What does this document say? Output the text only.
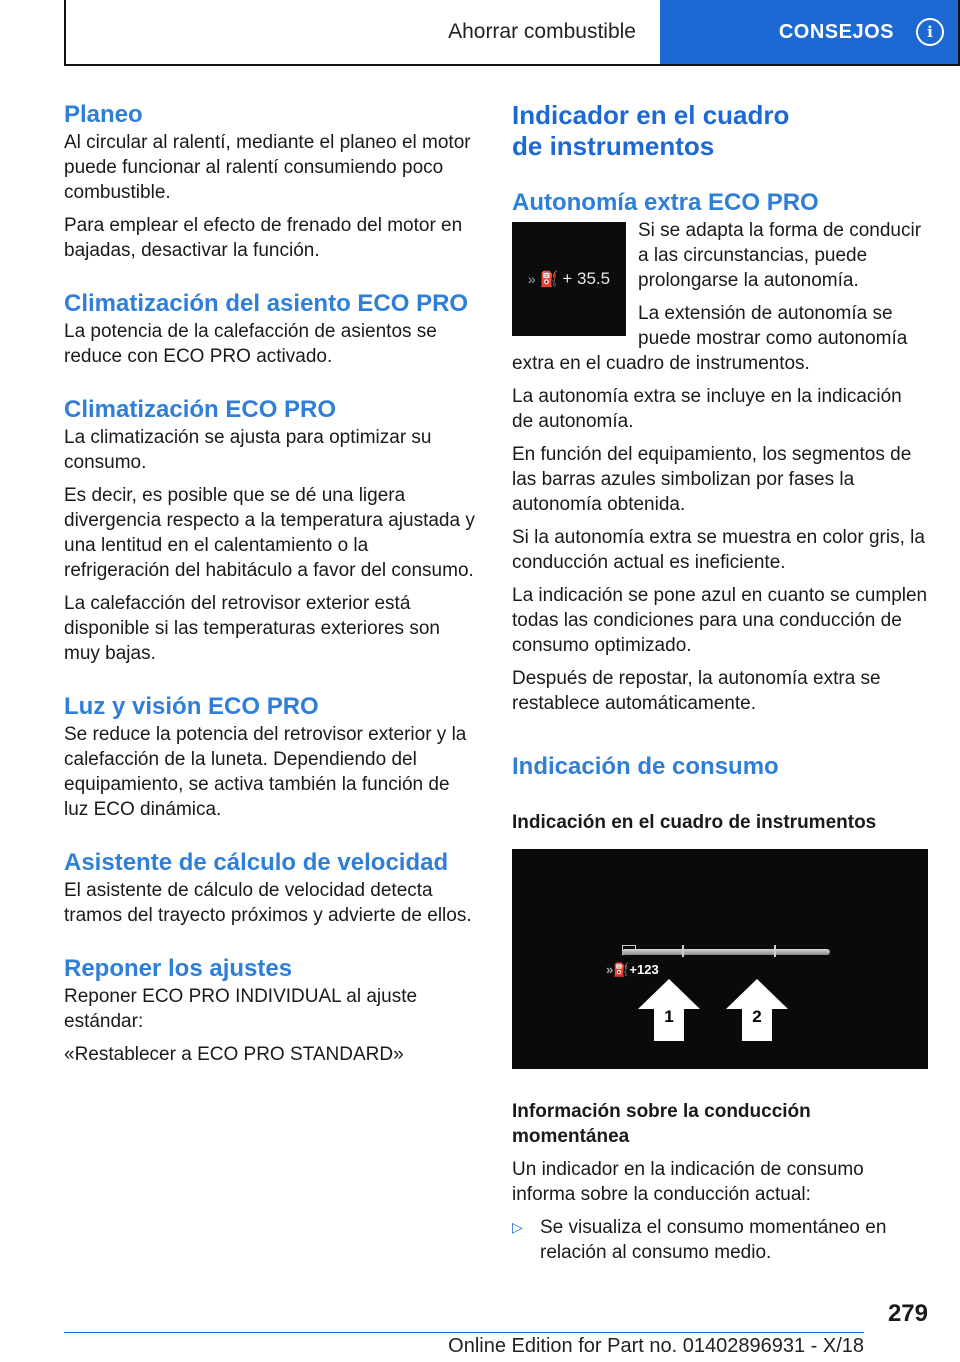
Ahorrar combustible	CONSEJOS i
Planeo

Al circular al ralentí, mediante el planeo el motor puede funcionar al ralentí consumiendo poco combustible.

Para emplear el efecto de frenado del motor en bajadas, desactivar la función.

Climatización del asiento ECO PRO

La potencia de la calefacción de asientos se reduce con ECO PRO activado.

Climatización ECO PRO

La climatización se ajusta para optimizar su consumo.

Es decir, es posible que se dé una ligera divergencia respecto a la temperatura ajustada y una lentitud en el calentamiento o la refrigeración del habitáculo a favor del consumo.

La calefacción del retrovisor exterior está disponible si las temperaturas exteriores son muy bajas.

Luz y visión ECO PRO

Se reduce la potencia del retrovisor exterior y la calefacción de la luneta. Dependiendo del equipamiento, se activa también la función de luz ECO dinámica.

Asistente de cálculo de velocidad

El asistente de cálculo de velocidad detecta tramos del trayecto próximos y advierte de ellos.

Reponer los ajustes

Reponer ECO PRO INDIVIDUAL al ajuste estándar:

«Restablecer a ECO PRO STANDARD»

Indicador en el cuadro
de instrumentos
Autonomía extra ECO PRO
» ⛽ + 35.5

Si se adapta la forma de conducir a las circunstancias, puede prolongarse la autonomía.

La extensión de autonomía se puede mostrar como autonomía extra en el cuadro de instrumentos.

La autonomía extra se incluye en la indicación de autonomía.

En función del equipamiento, los segmentos de las barras azules simbolizan por fases la autonomía obtenida.

Si la autonomía extra se muestra en color gris, la conducción actual es ineficiente.

La indicación se pone azul en cuanto se cumplen todas las condiciones para una conducción de consumo optimizado.

Después de repostar, la autonomía extra se restablece automáticamente.

Indicación de consumo
Indicación en el cuadro de instrumentos
»⛽+123
1	2
Información sobre la conducción momentánea

Un indicador en la indicación de consumo informa sobre la conducción actual:

▷ Se visualiza el consumo momentáneo en relación al consumo medio.

279
Online Edition for Part no. 01402896931 - X/18
